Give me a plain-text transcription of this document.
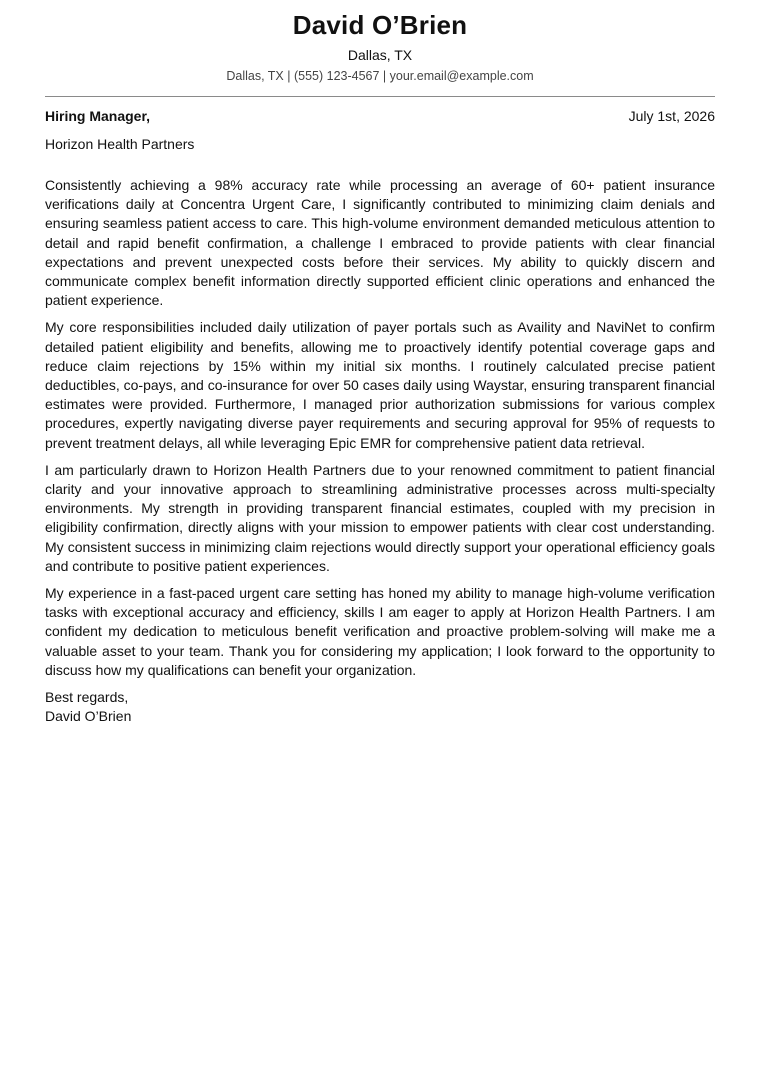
David O’Brien
Dallas, TX
Dallas, TX | (555) 123-4567 | your.email@example.com
Hiring Manager,	July 1st, 2026
Horizon Health Partners

Consistently achieving a 98% accuracy rate while processing an average of 60+ patient insurance verifications daily at Concentra Urgent Care, I significantly contributed to minimizing claim denials and ensuring seamless patient access to care. This high-volume environment demanded meticulous attention to detail and rapid benefit confirmation, a challenge I embraced to provide patients with clear financial expectations and prevent unexpected costs before their services. My ability to quickly discern and communicate complex benefit information directly supported efficient clinic operations and enhanced the patient experience.

My core responsibilities included daily utilization of payer portals such as Availity and NaviNet to confirm detailed patient eligibility and benefits, allowing me to proactively identify potential coverage gaps and reduce claim rejections by 15% within my initial six months. I routinely calculated precise patient deductibles, co-pays, and co-insurance for over 50 cases daily using Waystar, ensuring transparent financial estimates were provided. Furthermore, I managed prior authorization submissions for various complex procedures, expertly navigating diverse payer requirements and securing approval for 95% of requests to prevent treatment delays, all while leveraging Epic EMR for comprehensive patient data retrieval.

I am particularly drawn to Horizon Health Partners due to your renowned commitment to patient financial clarity and your innovative approach to streamlining administrative processes across multi-specialty environments. My strength in providing transparent financial estimates, coupled with my precision in eligibility confirmation, directly aligns with your mission to empower patients with clear cost understanding. My consistent success in minimizing claim rejections would directly support your operational efficiency goals and contribute to positive patient experiences.

My experience in a fast-paced urgent care setting has honed my ability to manage high-volume verification tasks with exceptional accuracy and efficiency, skills I am eager to apply at Horizon Health Partners. I am confident my dedication to meticulous benefit verification and proactive problem-solving will make me a valuable asset to your team. Thank you for considering my application; I look forward to the opportunity to discuss how my qualifications can benefit your organization.

Best regards,
David O’Brien
